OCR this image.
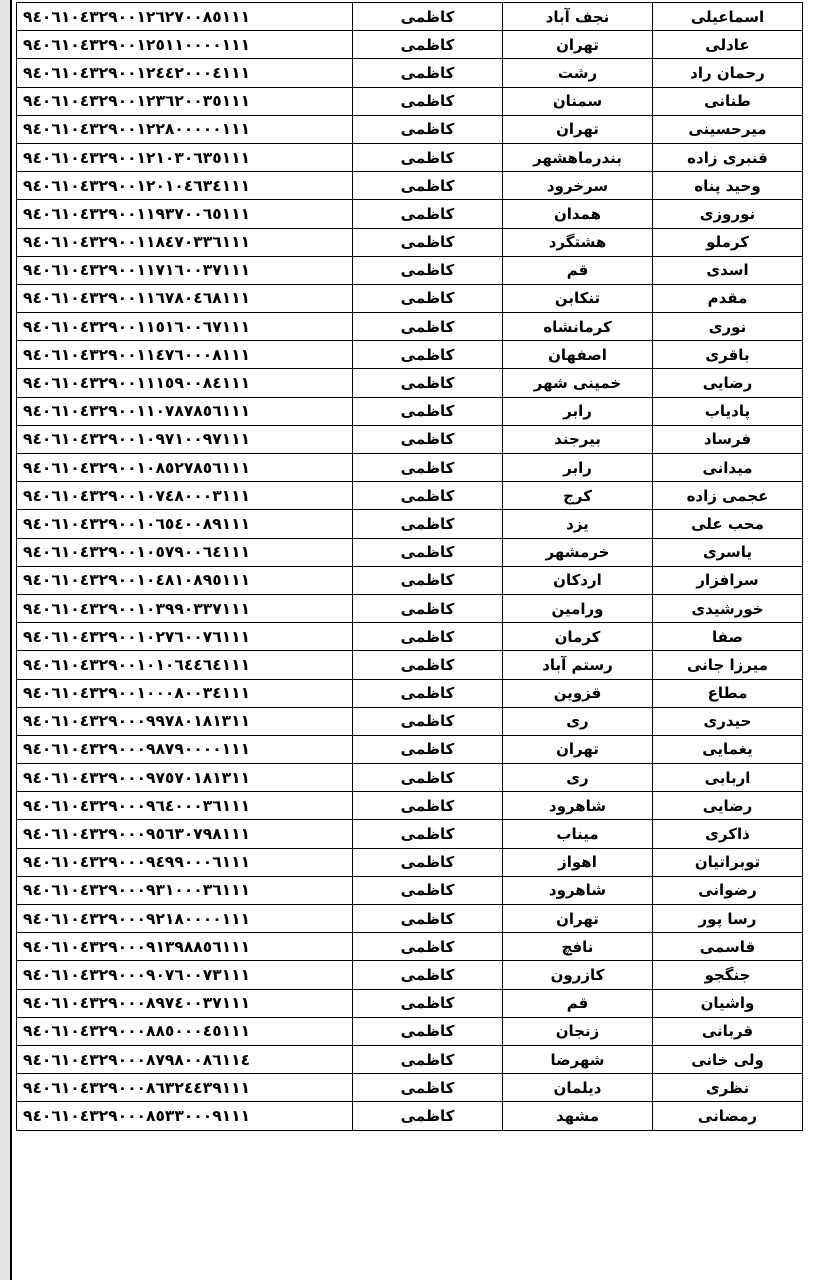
اسماعیلی	نجف آباد	کاظمی	٩٤٠٦١٠٤٣٢٩٠٠١٢٦٢٧٠٠٨٥١١١
عادلی	تهران	کاظمی	٩٤٠٦١٠٤٣٢٩٠٠١٢٥١١٠٠٠٠١١١
رحمان راد	رشت	کاظمی	٩٤٠٦١٠٤٣٢٩٠٠١٢٤٤٢٠٠٠٤١١١
طنانی	سمنان	کاظمی	٩٤٠٦١٠٤٣٢٩٠٠١٢٣٦٢٠٠٣٥١١١
میرحسینی	تهران	کاظمی	٩٤٠٦١٠٤٣٢٩٠٠١٢٢٨٠٠٠٠٠١١١
قنبری زاده	بندرماهشهر	کاظمی	٩٤٠٦١٠٤٣٢٩٠٠١٢١٠٣٠٦٣٥١١١
وحید پناه	سرخرود	کاظمی	٩٤٠٦١٠٤٣٢٩٠٠١٢٠١٠٤٦٣٤١١١
نوروزی	همدان	کاظمی	٩٤٠٦١٠٤٣٢٩٠٠١١٩٣٧٠٠٦٥١١١
کرملو	هشتگرد	کاظمی	٩٤٠٦١٠٤٣٢٩٠٠١١٨٤٧٠٣٣٦١١١
اسدی	قم	کاظمی	٩٤٠٦١٠٤٣٢٩٠٠١١٧١٦٠٠٣٧١١١
مقدم	تنکابن	کاظمی	٩٤٠٦١٠٤٣٢٩٠٠١١٦٧٨٠٤٦٨١١١
نوری	کرمانشاه	کاظمی	٩٤٠٦١٠٤٣٢٩٠٠١١٥١٦٠٠٦٧١١١
باقری	اصفهان	کاظمی	٩٤٠٦١٠٤٣٢٩٠٠١١٤٧٦٠٠٠٨١١١
رضایی	خمینی شهر	کاظمی	٩٤٠٦١٠٤٣٢٩٠٠١١١٥٩٠٠٨٤١١١
پادیاب	رابر	کاظمی	٩٤٠٦١٠٤٣٢٩٠٠١١٠٧٨٧٨٥٦١١١
فرساد	بیرجند	کاظمی	٩٤٠٦١٠٤٣٢٩٠٠١٠٩٧١٠٠٩٧١١١
میدانی	رابر	کاظمی	٩٤٠٦١٠٤٣٢٩٠٠١٠٨٥٢٧٨٥٦١١١
عجمی زاده	کرج	کاظمی	٩٤٠٦١٠٤٣٢٩٠٠١٠٧٤٨٠٠٠٣١١١
محب علی	یزد	کاظمی	٩٤٠٦١٠٤٣٢٩٠٠١٠٦٥٤٠٠٨٩١١١
یاسری	خرمشهر	کاظمی	٩٤٠٦١٠٤٣٢٩٠٠١٠٥٧٩٠٠٦٤١١١
سرافزار	اردکان	کاظمی	٩٤٠٦١٠٤٣٢٩٠٠١٠٤٨١٠٨٩٥١١١
خورشیدی	ورامین	کاظمی	٩٤٠٦١٠٤٣٢٩٠٠١٠٣٩٩٠٣٣٧١١١
صفا	کرمان	کاظمی	٩٤٠٦١٠٤٣٢٩٠٠١٠٢٧٦٠٠٧٦١١١
میرزا جانی	رستم آباد	کاظمی	٩٤٠٦١٠٤٣٢٩٠٠١٠١٠٦٤٤٦٤١١١
مطاع	قزوین	کاظمی	٩٤٠٦١٠٤٣٢٩٠٠١٠٠٠٨٠٠٣٤١١١
حیدری	ری	کاظمی	٩٤٠٦١٠٤٣٢٩٠٠٠٩٩٧٨٠١٨١٣١١
یغمایی	تهران	کاظمی	٩٤٠٦١٠٤٣٢٩٠٠٠٩٨٧٩٠٠٠٠١١١
اربابی	ری	کاظمی	٩٤٠٦١٠٤٣٢٩٠٠٠٩٧٥٧٠١٨١٣١١
رضایی	شاهرود	کاظمی	٩٤٠٦١٠٤٣٢٩٠٠٠٩٦٤٠٠٠٣٦١١١
ذاکری	میناب	کاظمی	٩٤٠٦١٠٤٣٢٩٠٠٠٩٥٦٣٠٧٩٨١١١
توبراتیان	اهواز	کاظمی	٩٤٠٦١٠٤٣٢٩٠٠٠٩٤٩٩٠٠٠٦١١١
رضوانی	شاهرود	کاظمی	٩٤٠٦١٠٤٣٢٩٠٠٠٩٣١٠٠٠٣٦١١١
رسا پور	تهران	کاظمی	٩٤٠٦١٠٤٣٢٩٠٠٠٩٢١٨٠٠٠٠١١١
قاسمی	نافچ	کاظمی	٩٤٠٦١٠٤٣٢٩٠٠٠٩١٣٩٨٨٥٦١١١
جنگجو	کازرون	کاظمی	٩٤٠٦١٠٤٣٢٩٠٠٠٩٠٧٦٠٠٧٣١١١
واشیان	قم	کاظمی	٩٤٠٦١٠٤٣٢٩٠٠٠٨٩٧٤٠٠٣٧١١١
قربانی	زنجان	کاظمی	٩٤٠٦١٠٤٣٢٩٠٠٠٨٨٥٠٠٠٤٥١١١
ولی خانی	شهرضا	کاظمی	٩٤٠٦١٠٤٣٢٩٠٠٠٨٧٩٨٠٠٨٦١١٤
نظری	دیلمان	کاظمی	٩٤٠٦١٠٤٣٢٩٠٠٠٨٦٣٢٤٤٣٩١١١
رمضانی	مشهد	کاظمی	٩٤٠٦١٠٤٣٢٩٠٠٠٨٥٣٣٠٠٠٩١١١
